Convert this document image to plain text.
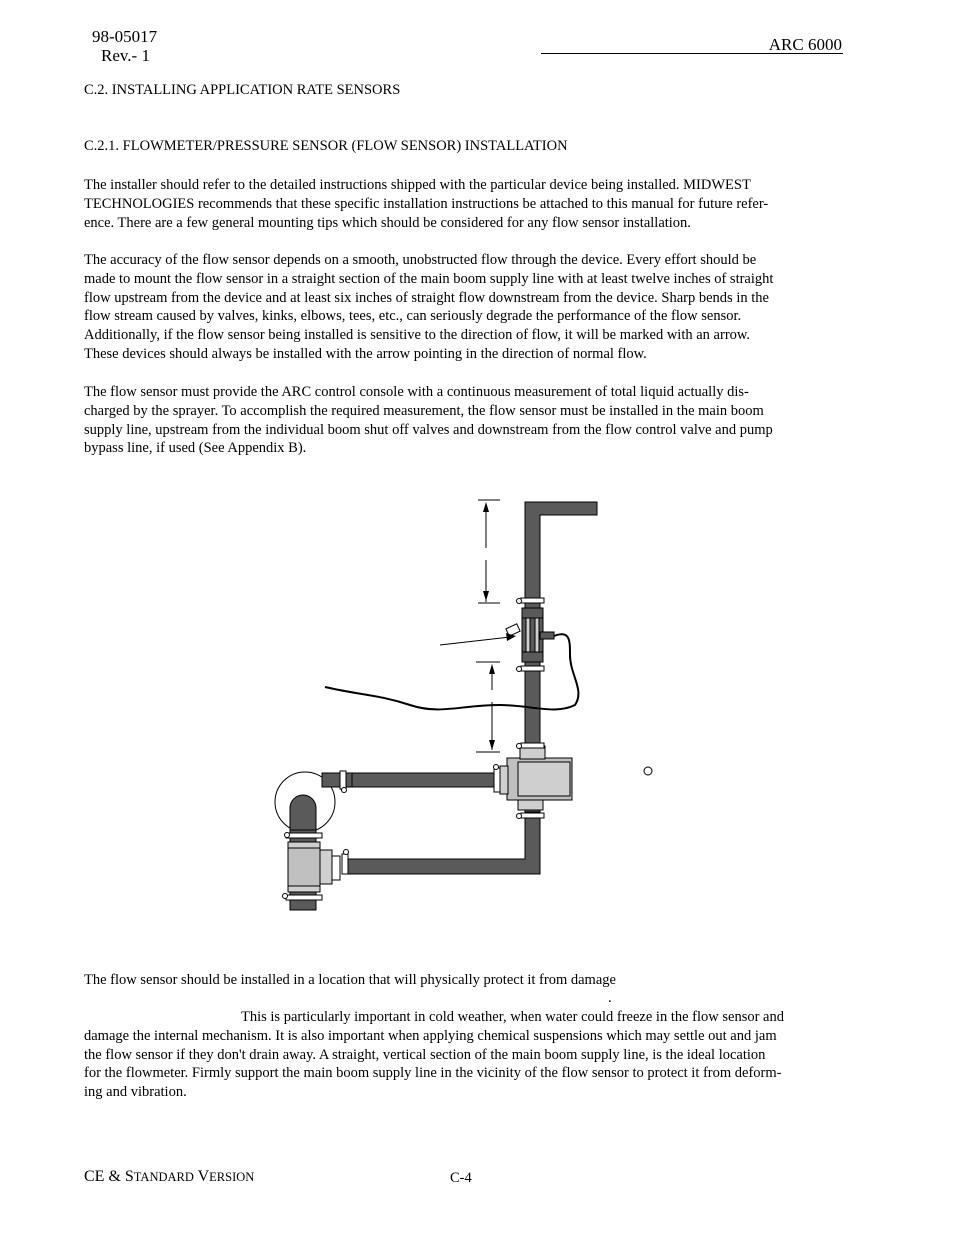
98-05017
Rev.- 1
ARC 6000
C.2. INSTALLING APPLICATION RATE SENSORS
C.2.1. FLOWMETER/PRESSURE SENSOR (FLOW SENSOR) INSTALLATION
The installer should refer to the detailed instructions shipped with the particular device being installed. MIDWEST
TECHNOLOGIES recommends that these specific installation instructions be attached to this manual for future refer-
ence. There are a few general mounting tips which should be considered for any flow sensor installation.
The accuracy of the flow sensor depends on a smooth, unobstructed flow through the device. Every effort should be
made to mount the flow sensor in a straight section of the main boom supply line with at least twelve inches of straight
flow upstream from the device and at least six inches of straight flow downstream from the device. Sharp bends in the
flow stream caused by valves, kinks, elbows, tees, etc., can seriously degrade the performance of the flow sensor.
Additionally, if the flow sensor being installed is sensitive to the direction of flow, it will be marked with an arrow.
These devices should always be installed with the arrow pointing in the direction of normal flow.
The flow sensor must provide the ARC control console with a continuous measurement of total liquid actually dis-
charged by the sprayer. To accomplish the required measurement, the flow sensor must be installed in the main boom
supply line, upstream from the individual boom shut off valves and downstream from the flow control valve and pump
bypass line, if used (See Appendix B).
The flow sensor should be installed in a location that will physically protect it from damage
.
This is particularly important in cold weather, when water could freeze in the flow sensor and
damage the internal mechanism. It is also important when applying chemical suspensions which may settle out and jam
the flow sensor if they don't drain away. A straight, vertical section of the main boom supply line, is the ideal location
for the flowmeter. Firmly support the main boom supply line in the vicinity of the flow sensor to protect it from deform-
ing and vibration.
CE & STANDARD VERSION	C-4
